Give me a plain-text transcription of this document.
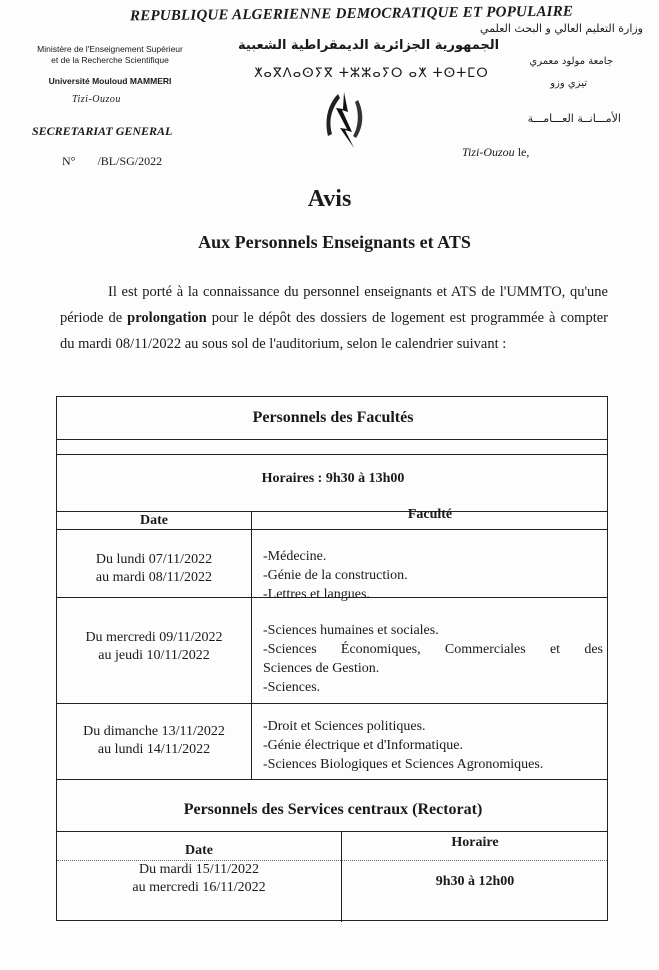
REPUBLIQUE ALGERIENNE DEMOCRATIQUE ET POPULAIRE
وزارة التعليم العالي و البحث العلمي
الجمهورية الجزائرية الديمقراطية الشعبية
ⵅⴰⴳⴷⴰⵙⵢⴳ ⵜⵣⵣⴰⵢⵔ ⴰⵅ ⵜⵙⵜⵎⵔ
جامعة مولود معمري
تيزي وزو
الأمـــانــة العـــامـــة
Ministère de l'Enseignement Supérieur
et de la Recherche Scientifique
Université Mouloud MAMMERI
Tizi-Ouzou
SECRETARIAT GENERAL
N° /BL/SG/2022
Tizi-Ouzou le,
Avis
Aux Personnels Enseignants et ATS
Il est porté à la connaissance du personnel enseignants et ATS de l'UMMTO, qu'une période de prolongation pour le dépôt des dossiers de logement est programmée à compter du mardi 08/11/2022 au sous sol de l'auditorium, selon le calendrier suivant :
Personnels des Facultés
Horaires : 9h30 à 13h00
Date	Faculté
Du lundi 07/11/2022
au mardi 08/11/2022
-Médecine.
-Génie de la construction.
-Lettres et langues.
Du mercredi 09/11/2022
au jeudi 10/11/2022
-Sciences humaines et sociales.
-Sciences Économiques, Commerciales et des
Sciences de Gestion.
-Sciences.
Du dimanche 13/11/2022
au lundi 14/11/2022
-Droit et Sciences politiques.
-Génie électrique et d'Informatique.
-Sciences Biologiques et Sciences Agronomiques.
Personnels des Services centraux (Rectorat)
Date
Horaire
Du mardi 15/11/2022
au mercredi 16/11/2022	9h30 à 12h00
